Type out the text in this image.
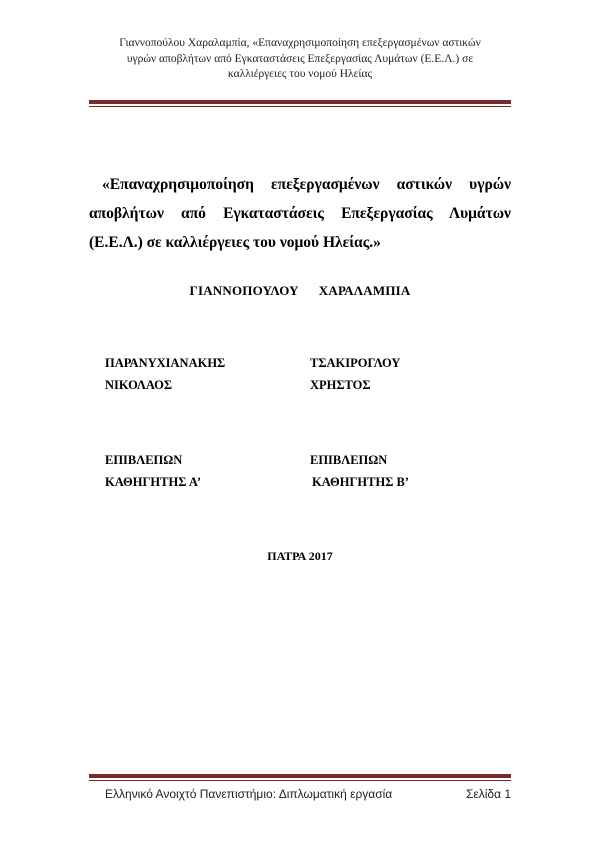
Γιαννοπούλου Χαραλαμπία, «Επαναχρησιμοποίηση επεξεργασμένων αστικών
υγρών αποβλήτων από Εγκαταστάσεις Επεξεργασίας Λυμάτων (Ε.Ε.Λ.) σε
καλλιέργειες του νομού Ηλείας
«Επαναχρησιμοποίηση επεξεργασμένων αστικών υγρών
αποβλήτων από Εγκαταστάσεις Επεξεργασίας Λυμάτων
(Ε.Ε.Λ.) σε καλλιέργειες του νομού Ηλείας.»
ΓΙΑΝΝΟΠΟΥΛΟΥ ΧΑΡΑΛΑΜΠΙΑ
ΠΑΡΑΝΥΧΙΑΝΑΚΗΣ
ΝΙΚΟΛΑΟΣ
ΤΣΑΚΙΡΟΓΛΟΥ
ΧΡΗΣΤΟΣ
ΕΠΙΒΛΕΠΩΝ
ΚΑΘΗΓΗΤΗΣ Α’
ΕΠΙΒΛΕΠΩΝ
ΚΑΘΗΓΗΤΗΣ Β’
ΠΑΤΡΑ 2017
Ελληνικό Ανοιχτό Πανεπιστήμιο: Διπλωματική εργασία	Σελίδα 1
